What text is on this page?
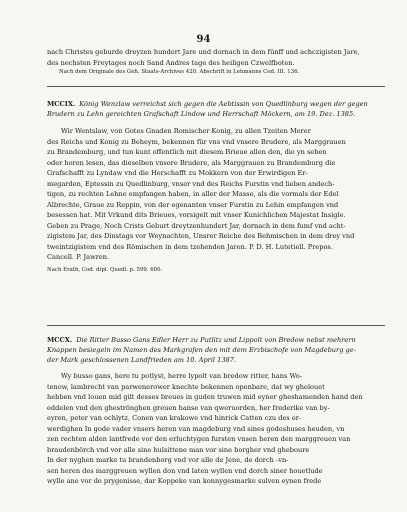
94
nach Christes geburde dreyzen hundert Jare und dornach in dem fünff und achczigisten Jare,
des nechsten Freytages noch Sand Andres tage des heiligen Czwelfboten.
Nach dem Originale des Geh. Staats-Archives 420. Abschrift in Lehmanns Cod. III. 136.
MCCIX. König Wenzlaw verreichst sich gegen die Aebtissin von Quedlinburg wegen der gegen
Brudern zu Lehn gereichten Grafschaft Lindow und Herrschaft Möckern, am 19. Dez. 1385.
Wir Wentslaw, von Gotes Gnaden Romischer Konig, zu allen Tzeiten Merer
des Reichs und Konig zu Beheym, bekennen für vns vnd vnsere Brudere, als Marggrauen
zu Brandemburg, und tun kunt offentlich mit diesem Brieue allen den, die yn sehen
oder horen lesen, das dieselben vnsere Brudere, als Marggrauen zu Brandemburg die
Grafschafft zu Lyndaw vnd die Herschafft zu Mokkern von der Erwirdigen Er-
megarden, Eptessin zu Quedlinburg, vnser vnd des Reichs Furstin vnd lieben andech-
tigen, zu rechten Lehne empfangen haben, in aller der Masse, als die vormals der Edel
Albrechte, Graue zu Reppin, von der egenanten vnser Furstin zu Lehin empfangen vnd
besessen hat. Mit Vrkund dits Brieues, vorsigelt mit vnser Kunichlichen Majestat Insigle.
Geben zu Prage, Noch Crists Geburt dreytzenhundert Jar, dornach in dem fumf vnd acht-
zigistem Jar, des Dinstags vor Weynachten, Unsrer Reiche des Behmischen in dem drey vnd
tweintzigistem vnd des Römischen in dem tzehenden Jaren. P. D. H. Lutetiell. Prepos.
Cancell. P. Jawren.
Nach Erath, Cod. dipl. Quedl. p. 599. 600.
MCCX. Die Ritter Busso Gans Edler Herr zu Putlitz und Lippolt von Bredow nebst mehrern
Knappen besiegeln im Namen des Markgrafen den mit dem Erzbischofe von Magdeburg ge-
der Mark geschlossenen Landfrieden am 10. April 1387.
Wy busso gans, here tu potlyst, herre lypolt van bredow ritter, hans Wo-
tenow, lambrecht van parwenerower knechte bekennen openbare, dat wy ghelouet
hebben vnd louen mid gilt desses breues in guden truwen mid eyner gheshamenden hand den
eddelen vnd den gheströnghen greuen hanse van qweruorden, her frederike van by-
eyren, peter van ochlytz, Conen van krakowe vnd hinrick Catten czu des er-
werdighen In gode vader vnsers heren van magdeburg vnd sines godeshuses heuden, vn
zen rechten alden lantfrede vor den erluchtygen fursten vnsen heren den marggreuen van
braudenbörch vnd vor alle sine hulsittene man vor sine borgher vnd gheboure
In der nyghen marke tu brandenborg vnd vor alle de Jene, de dorch -vn-
sen heren des marggreuen wyllen don vnd laten wyllen vnd dorch siner houetlude
wylle ane vor de prygenisse, dar Koppeke van konnygesmarke sulven eynen frede
